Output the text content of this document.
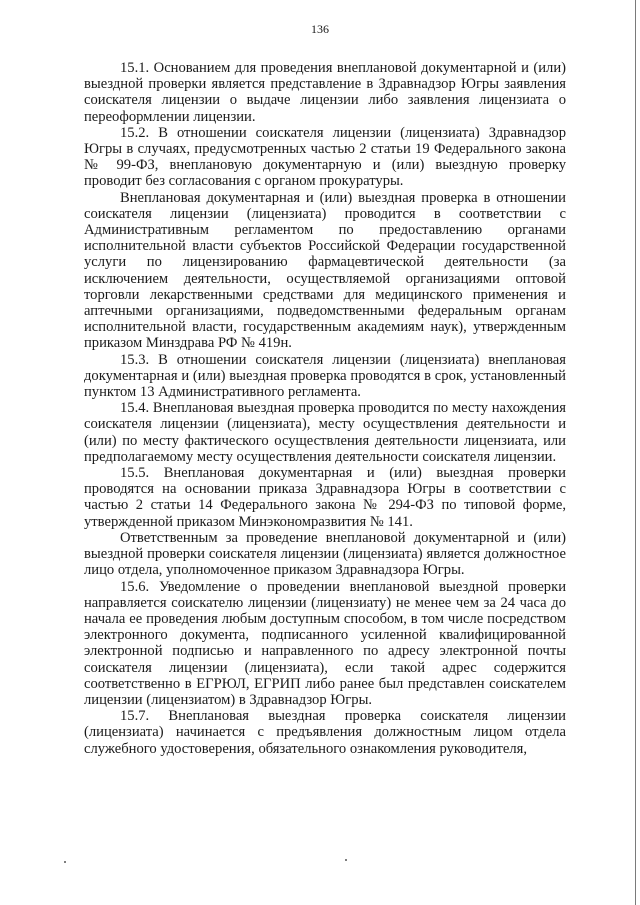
136

15.1. Основанием для проведения внеплановой документарной и (или) выездной проверки является представление в Здравнадзор Югры заявления соискателя лицензии о выдаче лицензии либо заявления лицензиата о переоформлении лицензии.

15.2. В отношении соискателя лицензии (лицензиата) Здравнадзор Югры в случаях, предусмотренных частью 2 статьи 19 Федерального закона № 99-ФЗ, внеплановую документарную и (или) выездную проверку проводит без согласования с органом прокуратуры.

Внеплановая документарная и (или) выездная проверка в отношении соискателя лицензии (лицензиата) проводится в соответствии с Административным регламентом по предоставлению органами исполнительной власти субъектов Российской Федерации государственной услуги по лицензированию фармацевтической деятельности (за исключением деятельности, осуществляемой организациями оптовой торговли лекарственными средствами для медицинского применения и аптечными организациями, подведомственными федеральным органам исполнительной власти, государственным академиям наук), утвержденным приказом Минздрава РФ № 419н.

15.3. В отношении соискателя лицензии (лицензиата) внеплановая документарная и (или) выездная проверка проводятся в срок, установленный пунктом 13 Административного регламента.

15.4. Внеплановая выездная проверка проводится по месту нахождения соискателя лицензии (лицензиата), месту осуществления деятельности и (или) по месту фактического осуществления деятельности лицензиата, или предполагаемому месту осуществления деятельности соискателя лицензии.

15.5. Внеплановая документарная и (или) выездная проверки проводятся на основании приказа Здравнадзора Югры в соответствии с частью 2 статьи 14 Федерального закона № 294-ФЗ по типовой форме, утвержденной приказом Минэкономразвития № 141.

Ответственным за проведение внеплановой документарной и (или) выездной проверки соискателя лицензии (лицензиата) является должностное лицо отдела, уполномоченное приказом Здравнадзора Югры.

15.6. Уведомление о проведении внеплановой выездной проверки направляется соискателю лицензии (лицензиату) не менее чем за 24 часа до начала ее проведения любым доступным способом, в том числе посредством электронного документа, подписанного усиленной квалифицированной электронной подписью и направленного по адресу электронной почты соискателя лицензии (лицензиата), если такой адрес содержится соответственно в ЕГРЮЛ, ЕГРИП либо ранее был представлен соискателем лицензии (лицензиатом) в Здравнадзор Югры.

15.7. Внеплановая выездная проверка соискателя лицензии (лицензиата) начинается с предъявления должностным лицом отдела служебного удостоверения, обязательного ознакомления руководителя,
